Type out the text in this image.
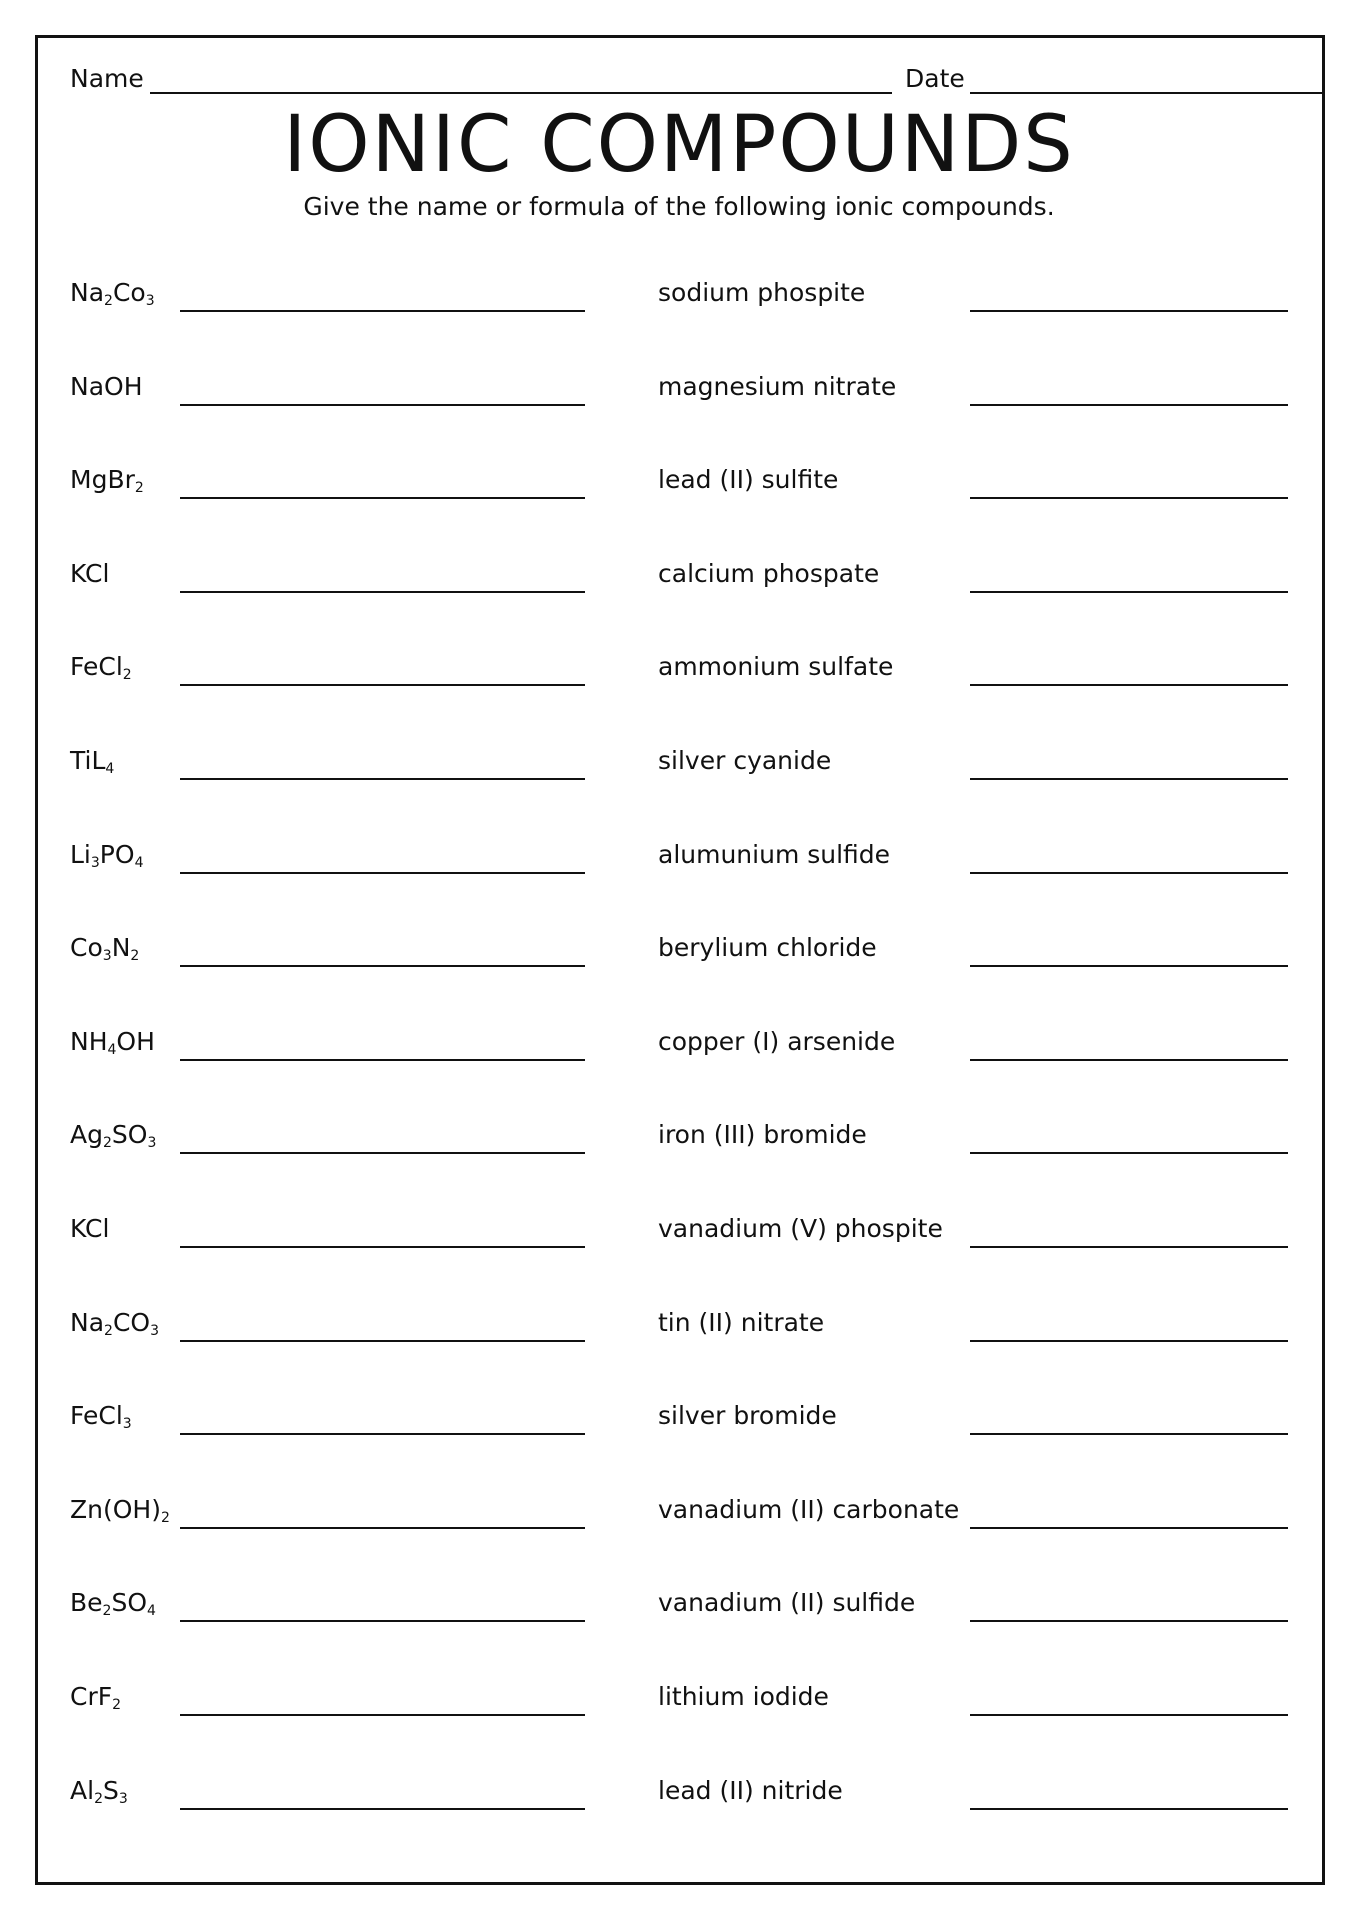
Name	Date
IONIC COMPOUNDS
Give the name or formula of the following ionic compounds.
$Na_2Co_3$
NaOH
MgBr$_2$
KCl
FeCl$_2$
TiL$_4$
$Li_3PO_4$
$Co_3N_2$
$NH_4OH$
$Ag_2SO_3$
KCl
$Na_2CO_3$
FeCl$_3$
$Zn(OH)_2$
$Be_2SO_4$
CrF$_2$
$Al_2S_3$
sodium phospite
magnesium nitrate
lead (II) sulfite
calcium phospate
ammonium sulfate
silver cyanide
alumunium sulfide
berylium chloride
copper (I) arsenide
iron (III) bromide
vanadium (V) phospite
tin (II) nitrate
silver bromide
vanadium (II) carbonate
vanadium (II) sulfide
lithium iodide
lead (II) nitride
